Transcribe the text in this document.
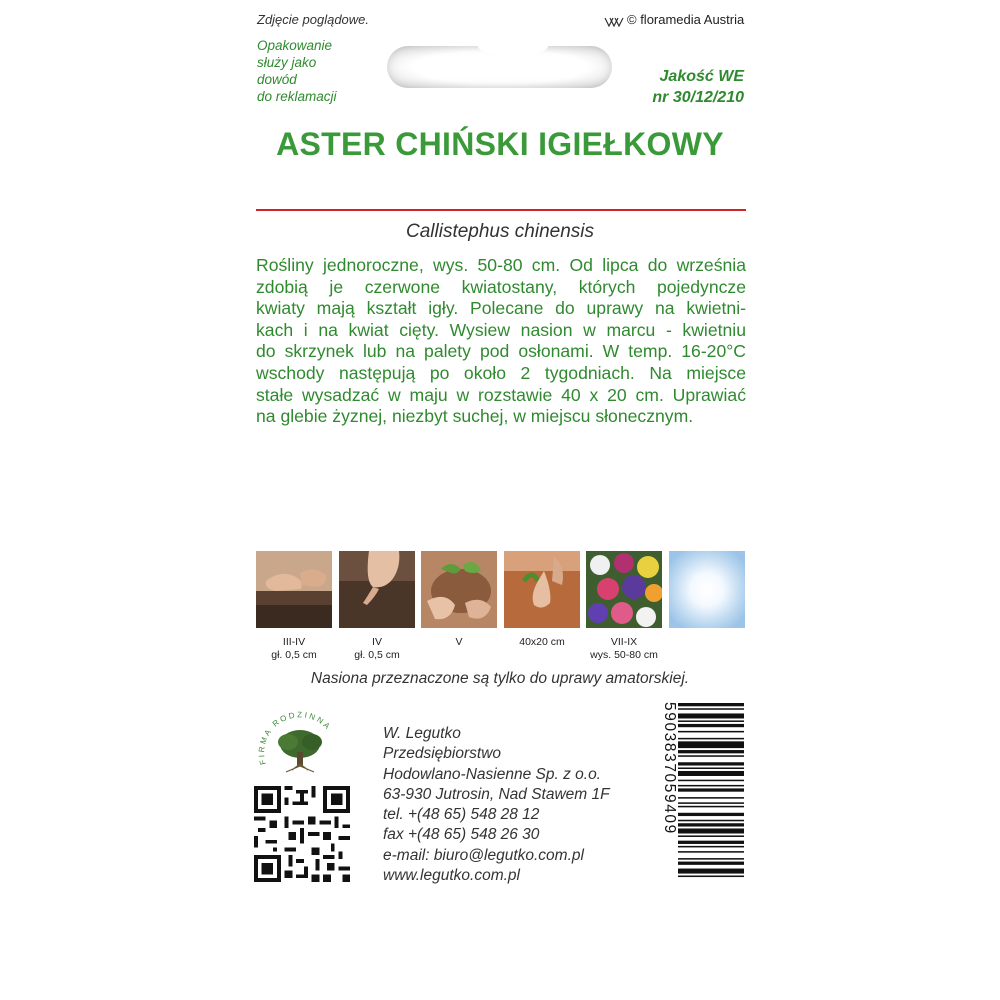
Zdjęcie poglądowe.	© floramedia Austria
Opakowanie
służy jako
dowód
do reklamacji
Jakość WE
nr 30/12/210
ASTER CHIŃSKI IGIEŁKOWY
Callistephus chinensis
Rośliny jednoroczne, wys. 50-80 cm. Od lipca do września
zdobią je czerwone kwiatostany, których pojedyncze
kwiaty mają kształt igły. Polecane do uprawy na kwietni-
kach i na kwiat cięty. Wysiew nasion w marcu - kwietniu
do skrzynek lub na palety pod osłonami. W temp. 16-20°C
wschody następują po około 2 tygodniach. Na miejsce
stałe wysadzać w maju w rozstawie 40 x 20 cm. Uprawiać
na glebie żyznej, niezbyt suchej, w miejscu słonecznym.
III-IV
gł. 0,5 cm
IV
gł. 0,5 cm
V	40x20 cm	VII-IX
wys. 50-80 cm
Nasiona przeznaczone są tylko do uprawy amatorskiej.
FIRMA RODZINNA	W. Legutko
Przedsiębiorstwo
Hodowlano-Nasienne Sp. z o.o.
63-930 Jutrosin, Nad Stawem 1F
tel. +(48 65) 548 28 12
fax +(48 65) 548 26 30
e-mail: biuro@legutko.com.pl
www.legutko.com.pl
5903837059409
